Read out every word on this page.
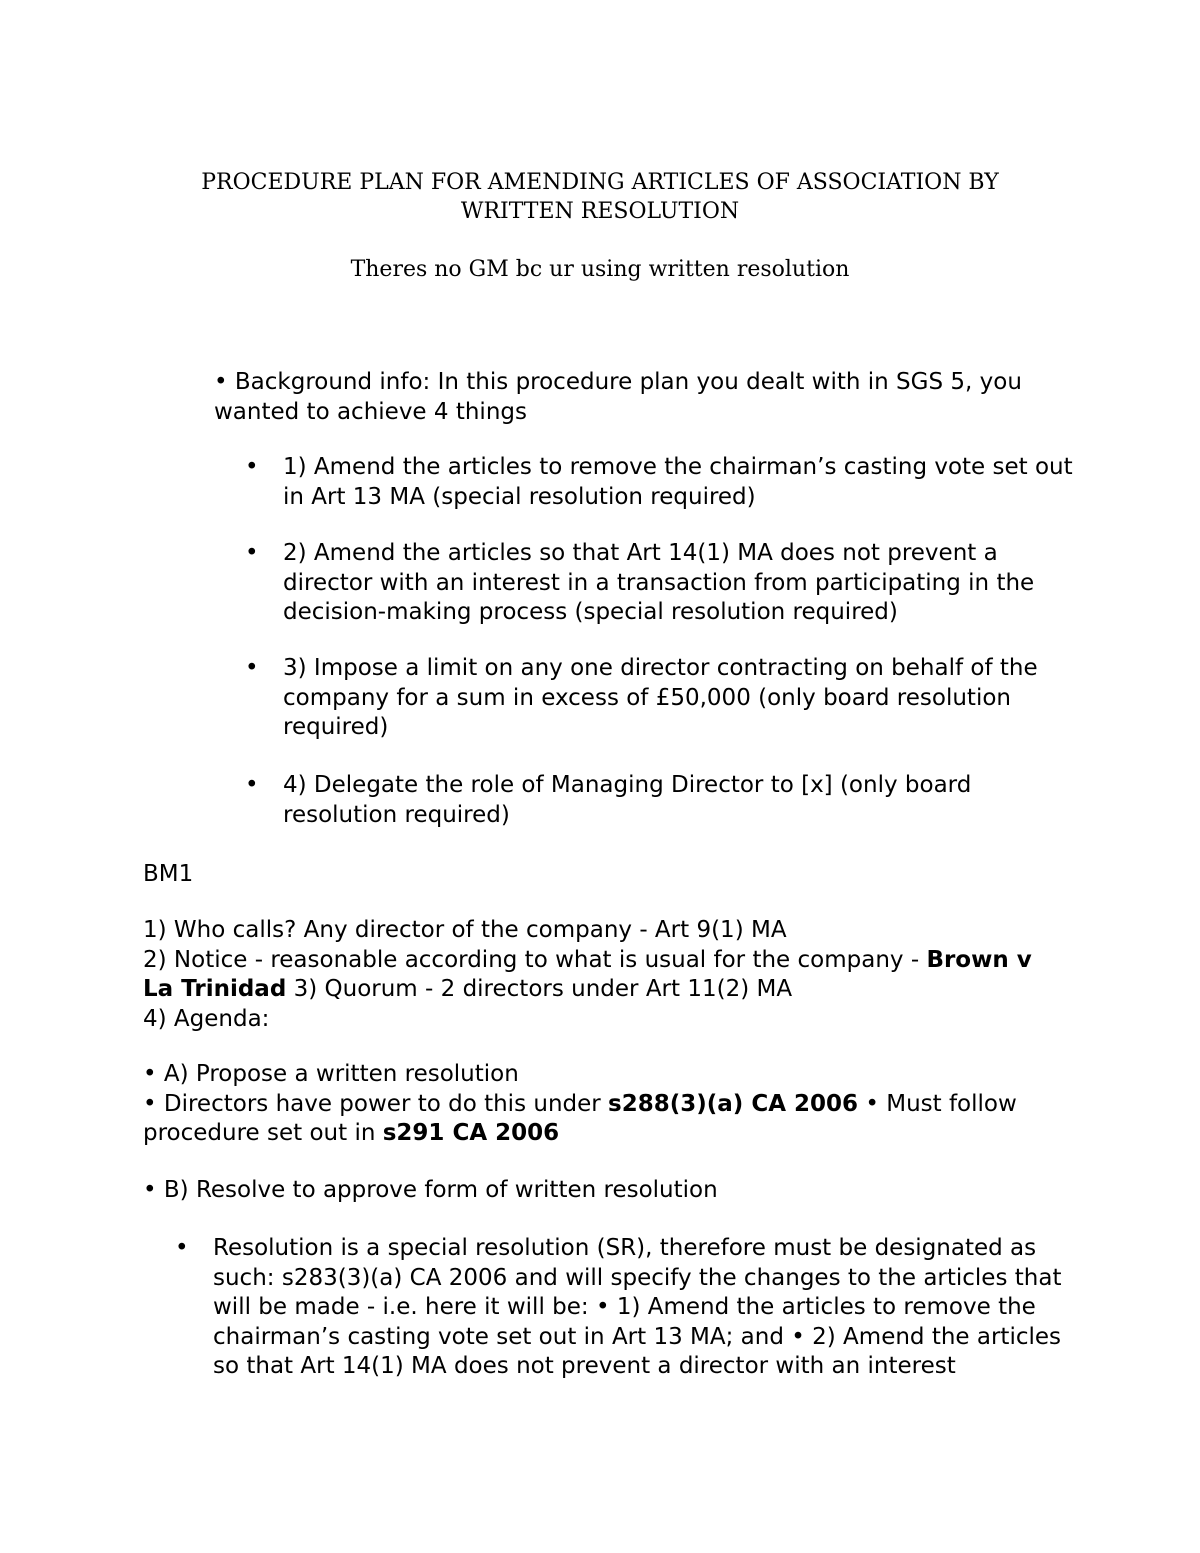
PROCEDURE PLAN FOR AMENDING ARTICLES OF ASSOCIATION BY
WRITTEN RESOLUTION
Theres no GM bc ur using written resolution
• Background info: In this procedure plan you dealt with in SGS 5, you wanted to achieve 4 things
• 1) Amend the articles to remove the chairman’s casting vote set out in Art 13 MA (special resolution required)
• 2) Amend the articles so that Art 14(1) MA does not prevent a director with an interest in a transaction from participating in the decision-making process (special resolution required)
• 3) Impose a limit on any one director contracting on behalf of the company for a sum in excess of £50,000 (only board resolution required)
• 4) Delegate the role of Managing Director to [x] (only board resolution required)
BM1
1) Who calls? Any director of the company - Art 9(1) MA
2) Notice - reasonable according to what is usual for the company - Brown v La Trinidad 3) Quorum - 2 directors under Art 11(2) MA
4) Agenda:
• A) Propose a written resolution
• Directors have power to do this under s288(3)(a) CA 2006 • Must follow procedure set out in s291 CA 2006
• B) Resolve to approve form of written resolution
• Resolution is a special resolution (SR), therefore must be designated as such: s283(3)(a) CA 2006 and will specify the changes to the articles that will be made - i.e. here it will be: • 1) Amend the articles to remove the chairman’s casting vote set out in Art 13 MA; and • 2) Amend the articles so that Art 14(1) MA does not prevent a director with an interest
